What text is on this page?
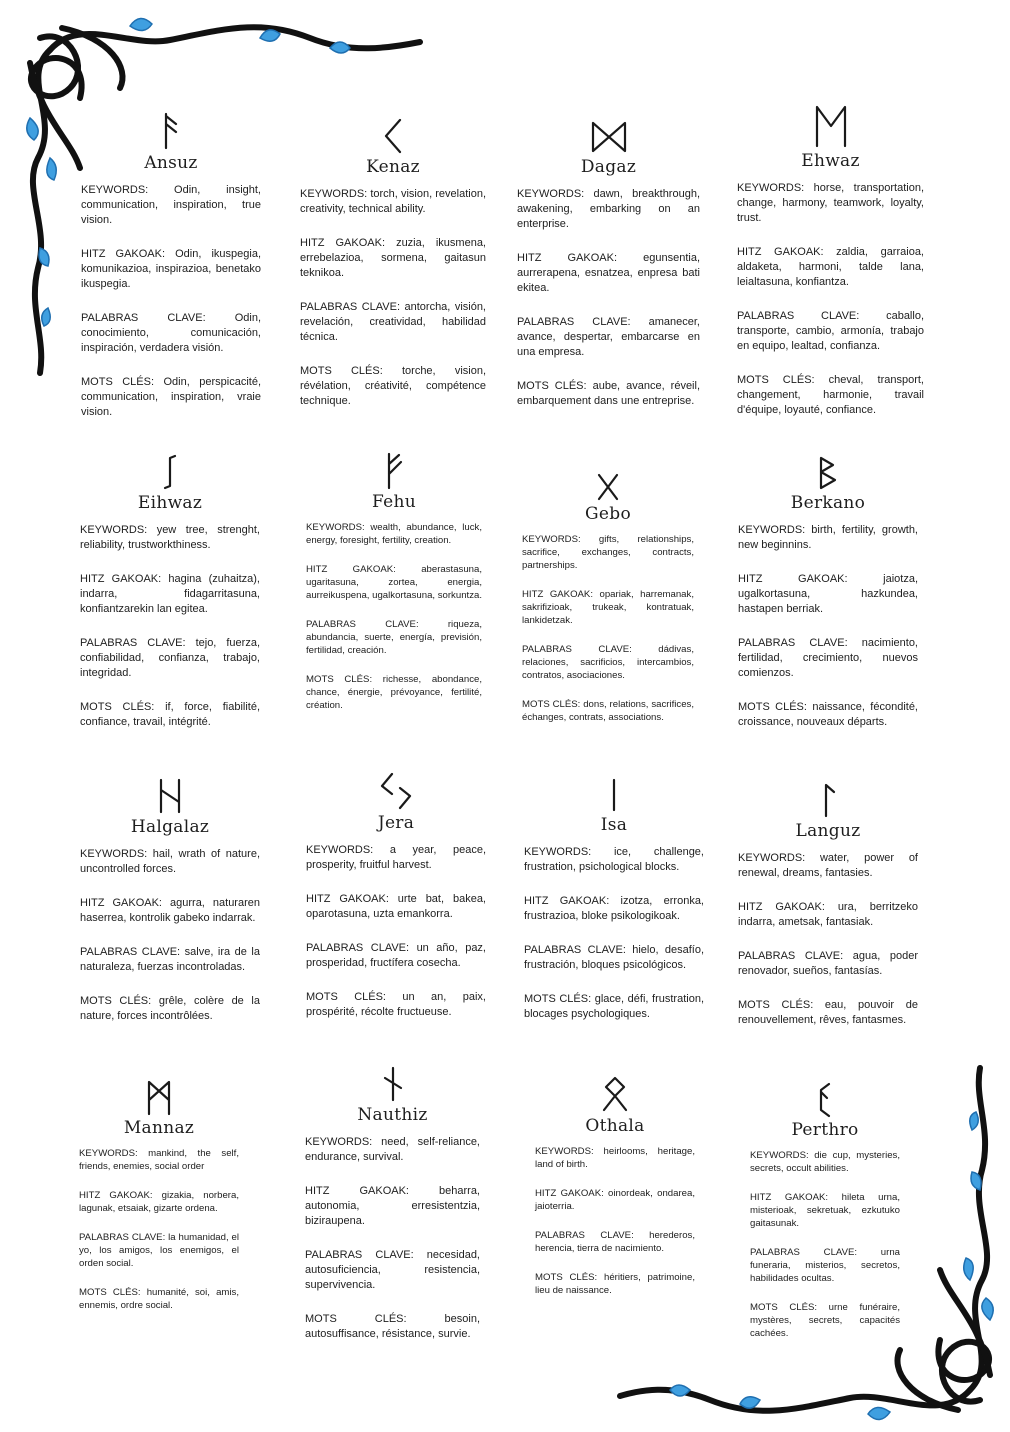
Ansuz

KEYWORDS: Odin, insight, communication, inspiration, true vision.

HITZ GAKOAK: Odin, ikuspegia, komunikazioa, inspirazioa, benetako ikuspegia.

PALABRAS CLAVE: Odin, conocimiento, comunicación, inspiración, verdadera visión.

MOTS CLÉS: Odin, perspicacité, communication, inspiration, vraie vision.

Kenaz

KEYWORDS: torch, vision, revelation, creativity, technical ability.

HITZ GAKOAK: zuzia, ikusmena, errebelazioa, sormena, gaitasun teknikoa.

PALABRAS CLAVE: antorcha, visión, revelación, creatividad, habilidad técnica.

MOTS CLÉS: torche, vision, révélation, créativité, compétence technique.

Dagaz

KEYWORDS: dawn, breakthrough, awakening, embarking on an enterprise.

HITZ GAKOAK: egunsentia, aurrerapena, esnatzea, enpresa bati ekitea.

PALABRAS CLAVE: amanecer, avance, despertar, embarcarse en una empresa.

MOTS CLÉS: aube, avance, réveil, embarquement dans une entreprise.

Ehwaz

KEYWORDS: horse, transportation, change, harmony, teamwork, loyalty, trust.

HITZ GAKOAK: zaldia, garraioa, aldaketa, harmoni, talde lana, leialtasuna, konfiantza.

PALABRAS CLAVE: caballo, transporte, cambio, armonía, trabajo en equipo, lealtad, confianza.

MOTS CLÉS: cheval, transport, changement, harmonie, travail d'équipe, loyauté, confiance.

Eihwaz

KEYWORDS: yew tree, strenght, reliability, trustworkthiness.

HITZ GAKOAK: hagina (zuhaitza), indarra, fidagarritasuna, konfiantzarekin lan egitea.

PALABRAS CLAVE: tejo, fuerza, confiabilidad, confianza, trabajo, integridad.

MOTS CLÉS: if, force, fiabilité, confiance, travail, intégrité.

Fehu

KEYWORDS: wealth, abundance, luck, energy, foresight, fertility, creation.

HITZ GAKOAK: aberastasuna, ugaritasuna, zortea, energia, aurreikuspena, ugalkortasuna, sorkuntza.

PALABRAS CLAVE: riqueza, abundancia, suerte, energía, previsión, fertilidad, creación.

MOTS CLÉS: richesse, abondance, chance, énergie, prévoyance, fertilité, création.

Gebo

KEYWORDS: gifts, relationships, sacrifice, exchanges, contracts, partnerships.

HITZ GAKOAK: opariak, harremanak, sakrifizioak, trukeak, kontratuak, lankidetzak.

PALABRAS CLAVE: dádivas, relaciones, sacrificios, intercambios, contratos, asociaciones.

MOTS CLÉS: dons, relations, sacrifices, échanges, contrats, associations.

Berkano

KEYWORDS: birth, fertility, growth, new beginnins.

HITZ GAKOAK: jaiotza, ugalkortasuna, hazkundea, hastapen berriak.

PALABRAS CLAVE: nacimiento, fertilidad, crecimiento, nuevos comienzos.

MOTS CLÉS: naissance, fécondité, croissance, nouveaux départs.

Halgalaz

KEYWORDS: hail, wrath of nature, uncontrolled forces.

HITZ GAKOAK: agurra, naturaren haserrea, kontrolik gabeko indarrak.

PALABRAS CLAVE: salve, ira de la naturaleza, fuerzas incontroladas.

MOTS CLÉS: grêle, colère de la nature, forces incontrôlées.

Jera

KEYWORDS: a year, peace, prosperity, fruitful harvest.

HITZ GAKOAK: urte bat, bakea, oparotasuna, uzta emankorra.

PALABRAS CLAVE: un año, paz, prosperidad, fructífera cosecha.

MOTS CLÉS: un an, paix, prospérité, récolte fructueuse.

Isa

KEYWORDS: ice, challenge, frustration, psichological blocks.

HITZ GAKOAK: izotza, erronka, frustrazioa, bloke psikologikoak.

PALABRAS CLAVE: hielo, desafío, frustración, bloques psicológicos.

MOTS CLÉS: glace, défi, frustration, blocages psychologiques.

Languz

KEYWORDS: water, power of renewal, dreams, fantasies.

HITZ GAKOAK: ura, berritzeko indarra, ametsak, fantasiak.

PALABRAS CLAVE: agua, poder renovador, sueños, fantasías.

MOTS CLÉS: eau, pouvoir de renouvellement, rêves, fantasmes.

Mannaz

KEYWORDS: mankind, the self, friends, enemies, social order

HITZ GAKOAK: gizakia, norbera, lagunak, etsaiak, gizarte ordena.

PALABRAS CLAVE: la humanidad, el yo, los amigos, los enemigos, el orden social.

MOTS CLÉS: humanité, soi, amis, ennemis, ordre social.

Nauthiz

KEYWORDS: need, self-reliance, endurance, survival.

HITZ GAKOAK: beharra, autonomia, erresistentzia, biziraupena.

PALABRAS CLAVE: necesidad, autosuficiencia, resistencia, supervivencia.

MOTS CLÉS: besoin, autosuffisance, résistance, survie.

Othala

KEYWORDS: heirlooms, heritage, land of birth.

HITZ GAKOAK: oinordeak, ondarea, jaioterria.

PALABRAS CLAVE: herederos, herencia, tierra de nacimiento.

MOTS CLÉS: héritiers, patrimoine, lieu de naissance.

Perthro

KEYWORDS: die cup, mysteries, secrets, occult abilities.

HITZ GAKOAK: hileta urna, misterioak, sekretuak, ezkutuko gaitasunak.

PALABRAS CLAVE: urna funeraria, misterios, secretos, habilidades ocultas.

MOTS CLÉS: urne funéraire, mystères, secrets, capacités cachées.
